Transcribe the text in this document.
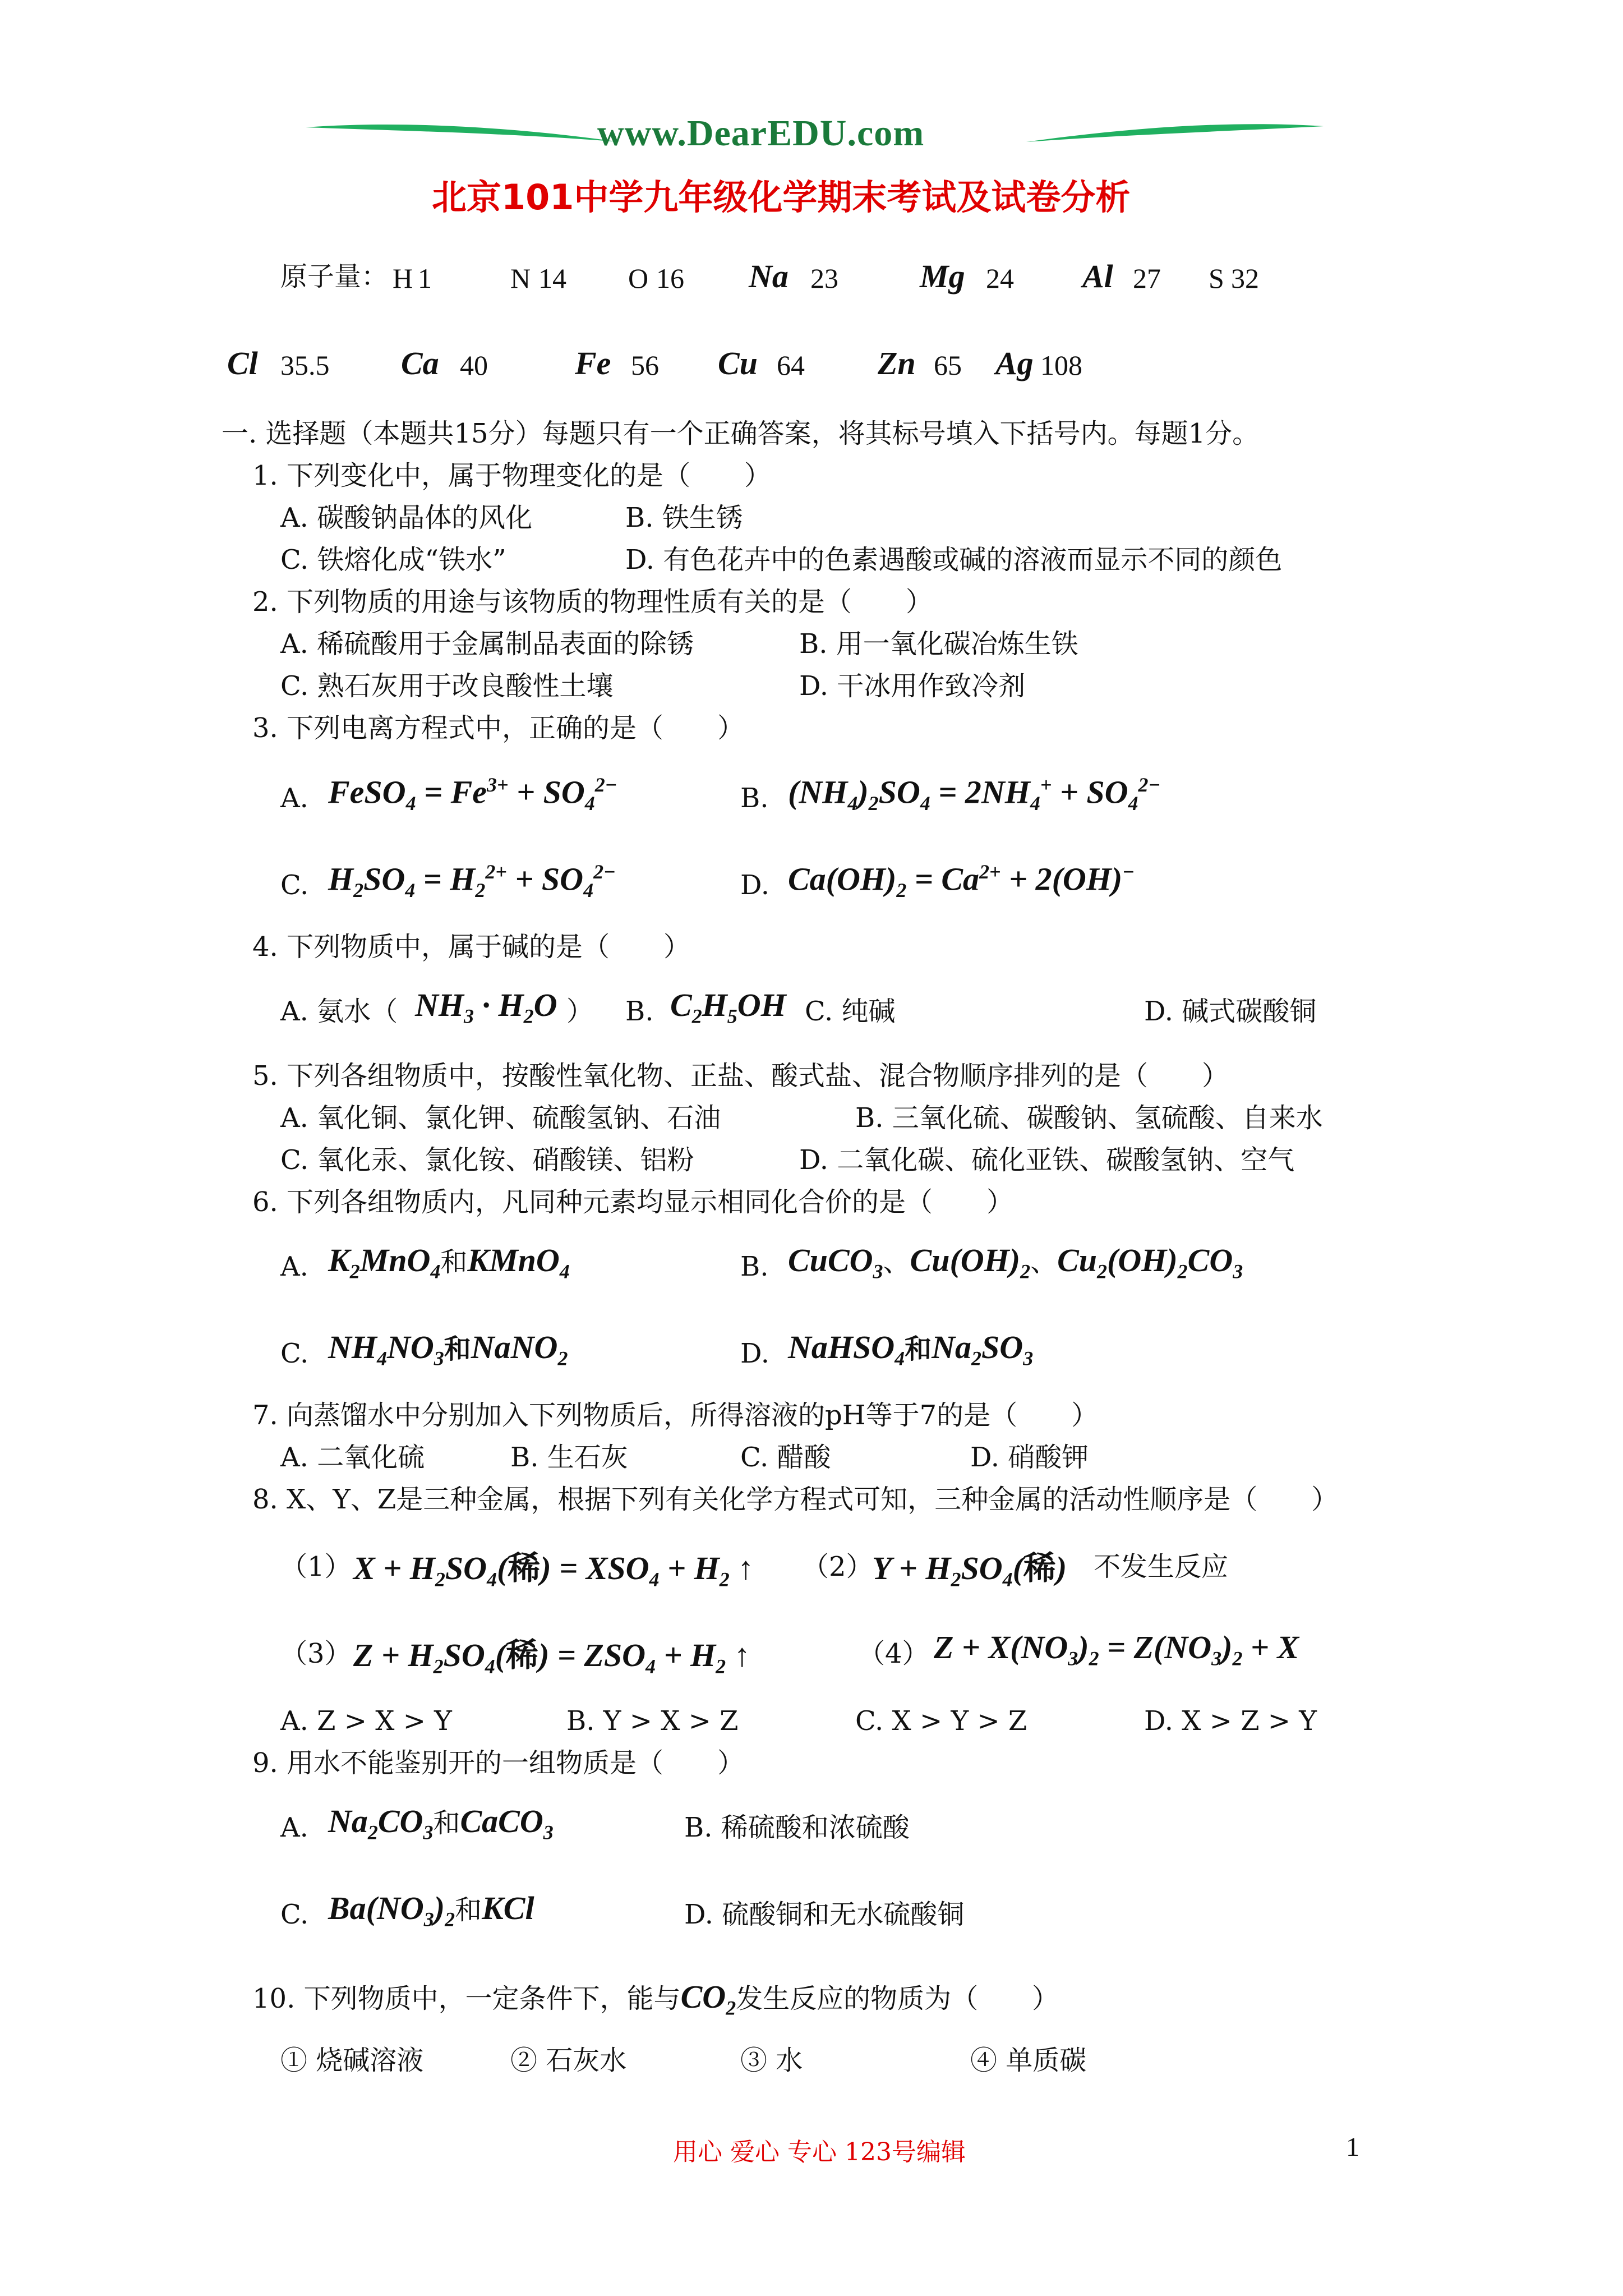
www.DearEDU.com
北京101中学九年级化学期末考试及试卷分析
原子量： H 1	N 14 O 16 Na 23	Mg 24 Al 27 S 32
Cl 35.5 Ca 40	Fe 56 Cu 64 Zn 65 Ag 108
一. 选择题（本题共15分）每题只有一个正确答案，将其标号填入下括号内。每题1分。
1. 下列变化中，属于物理变化的是（　　）
A. 碳酸钠晶体的风化	B. 铁生锈
C. 铁熔化成“铁水”	D. 有色花卉中的色素遇酸或碱的溶液而显示不同的颜色
2. 下列物质的用途与该物质的物理性质有关的是（　　）
A. 稀硫酸用于金属制品表面的除锈	B. 用一氧化碳冶炼生铁
C. 熟石灰用于改良酸性土壤	D. 干冰用作致冷剂
3. 下列电离方程式中，正确的是（　　）
A. FeSO$_4$ = $Fe^{3+} + SO_4^{2-}$	B. $(NH_4)_2SO_4 = 2NH_4^+ + SO_4^{2-}$
C. $H_2SO_4 = H_2^{2+} + SO_4^{2-}$	D. $Ca(OH)_2 = Ca^{2+} + 2(OH)^-$
4. 下列物质中，属于碱的是（　　）
A. 氨水（ $NH_3 \cdot H_2O$ ） B. $C_2H_5OH$ C. 纯碱	D. 碱式碳酸铜
5. 下列各组物质中，按酸性氧化物、正盐、酸式盐、混合物顺序排列的是（　　）
A. 氧化铜、氯化钾、硫酸氢钠、石油	B. 三氧化硫、碳酸钠、氢硫酸、自来水
C. 氧化汞、氯化铵、硝酸镁、铝粉	D. 二氧化碳、硫化亚铁、碳酸氢钠、空气
6. 下列各组物质内，凡同种元素均显示相同化合价的是（　　）
A. $K_2MnO_4$和KMnO$_4$	B. CuCO$_3$、$Cu(OH)_2$、$Cu_2(OH)_2CO_3$
C. $NH_4NO_3$和NaNO$_2$	D. NaHSO$_4$和$Na_2SO_3$
7. 向蒸馏水中分别加入下列物质后，所得溶液的pH等于7的是（　　）
A. 二氧化硫	B. 生石灰	C. 醋酸	D. 硝酸钾
8. X、Y、Z是三种金属，根据下列有关化学方程式可知，三种金属的活动性顺序是（　　）
（1） $X + H_2SO_4$(稀) = $XSO_4 + H_2$ ↑ （2）
$Y + H_2SO_4$(稀) 不发生反应
（3） $Z + H_2SO_4$(稀) = $ZSO_4 + H_2$ ↑	（4） $Z + X(NO_3)_2 = Z(NO_3)_2 + X$
A. Z > X > Y	B. Y > X > Z	C. X > Y > Z	D. X > Z > Y
9. 用水不能鉴别开的一组物质是（　　）
A. $Na_2CO_3$和CaCO$_3$	B. 稀硫酸和浓硫酸
C. $Ba(NO_3)_2$和KCl	D. 硫酸铜和无水硫酸铜
10. 下列物质中，一定条件下，能与$CO_2$发生反应的物质为（　　）
① 烧碱溶液	② 石灰水	③ 水	④ 单质碳
用心 爱心 专心 123号编辑	1
